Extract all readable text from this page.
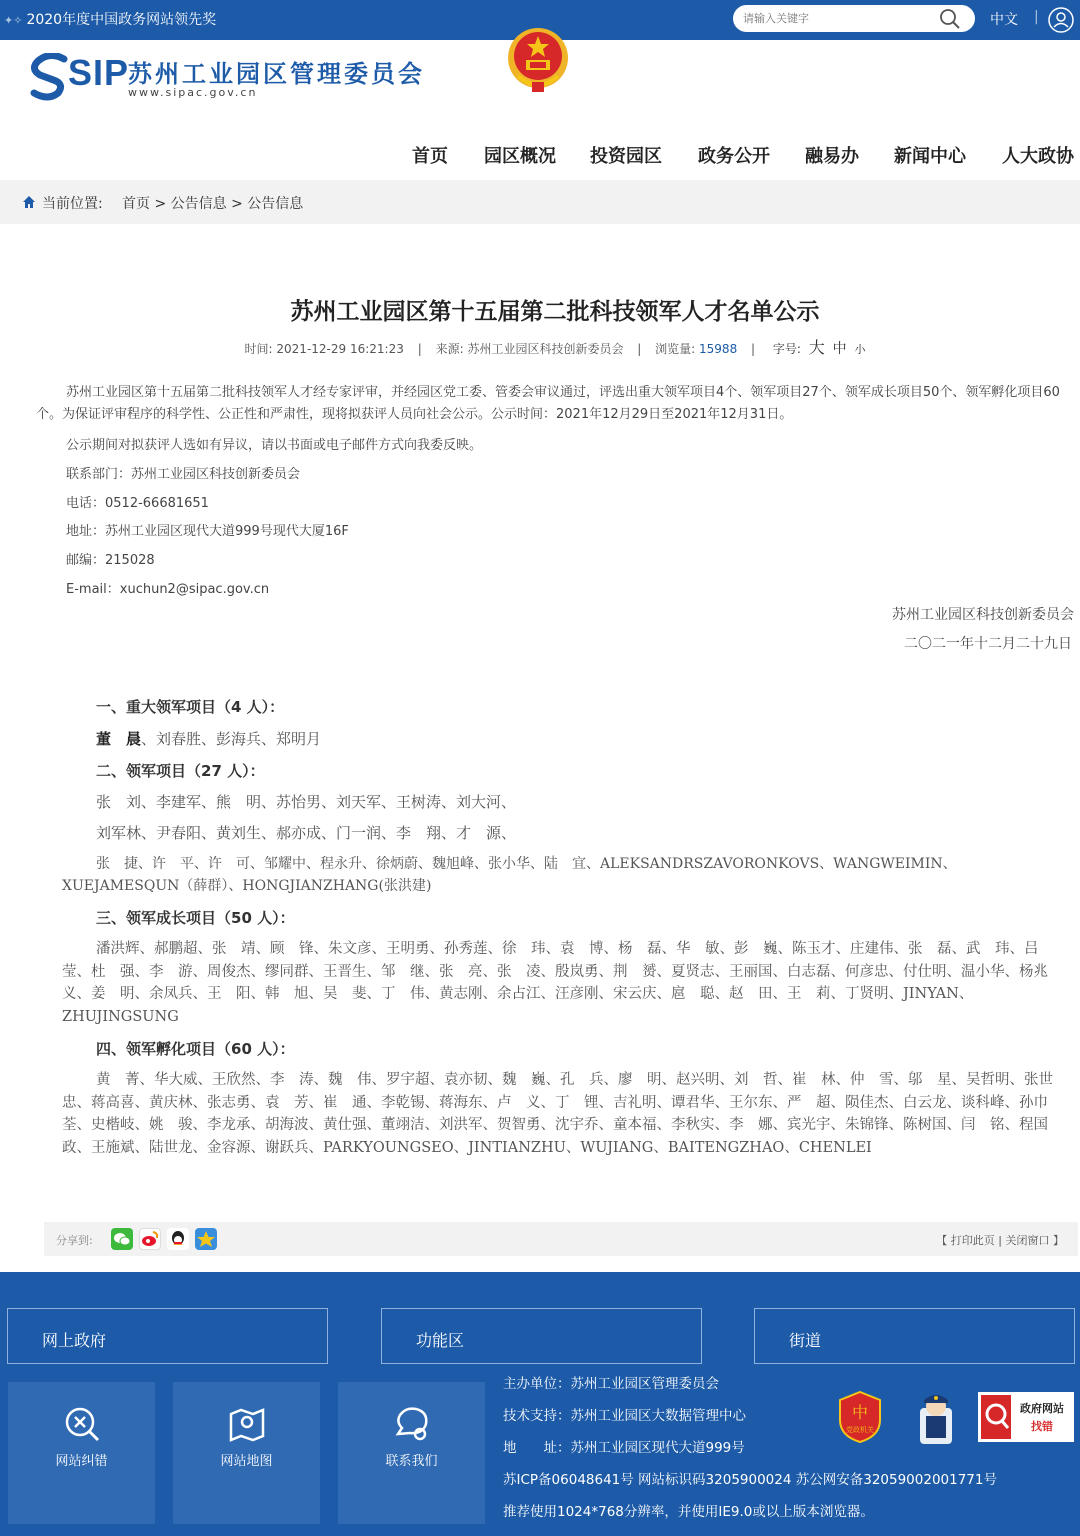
✦✧ 2020年度中国政务网站领先奖
请输入关键字	中文 |
SIP
苏州工业园区管理委员会
www.sipac.gov.cn
首页 园区概况 投资园区 政务公开 融易办 新闻中心 人大政协
当前位置: 首页 > 公告信息 > 公告信息
苏州工业园区第十五届第二批科技领军人才名单公示
时间: 2021-12-29 16:21:23 | 来源: 苏州工业园区科技创新委员会 | 浏览量: 15988 | 字号: 大 中 小

苏州工业园区第十五届第二批科技领军人才经专家评审，并经园区党工委、管委会审议通过，评选出重大领军项目4个、领军项目27个、领军成长项目50个、领军孵化项目60个。为保证评审程序的科学性、公正性和严肃性，现将拟获评人员向社会公示。公示时间：2021年12月29日至2021年12月31日。

公示期间对拟获评人选如有异议，请以书面或电子邮件方式向我委反映。

联系部门：苏州工业园区科技创新委员会

电话：0512-66681651

地址：苏州工业园区现代大道999号现代大厦16F

邮编：215028

E-mail：xuchun2@sipac.gov.cn

苏州工业园区科技创新委员会

二〇二一年十二月二十九日

一、重大领军项目（4 人）：

董　晨、刘春胜、彭海兵、郑明月

二、领军项目（27 人）：

张　刘、李建军、熊　明、苏怡男、刘天军、王树涛、刘大河、

刘军林、尹春阳、黄刘生、郝亦成、门一润、李　翔、才　源、

张　捷、许　平、许　可、邹耀中、程永升、徐炳蔚、魏旭峰、张小华、陆　宜、ALEKSANDRSZAVORONKOVS、WANGWEIMIN、XUEJAMESQUN（薛群）、HONGJIANZHANG(张洪建)

三、领军成长项目（50 人）：

潘洪辉、郝鹏超、张　靖、顾　锋、朱文彦、王明勇、孙秀莲、徐　玮、袁　博、杨　磊、华　敏、彭　巍、陈玉才、庄建伟、张　磊、武　玮、吕　莹、杜　强、李　游、周俊杰、缪同群、王晋生、邹　继、张　亮、张　凌、殷岚勇、荆　赟、夏贤志、王丽国、白志磊、何彦忠、付仕明、温小华、杨兆义、姜　明、余凤兵、王　阳、韩　旭、吴　斐、丁　伟、黄志刚、余占江、汪彦刚、宋云庆、扈　聪、赵　田、王　莉、丁贤明、JINYAN、ZHUJINGSUNG

四、领军孵化项目（60 人）：

黄　菁、华大威、王欣然、李　涛、魏　伟、罗宇超、袁亦韧、魏　巍、孔　兵、廖　明、赵兴明、刘　哲、崔　林、仲　雪、邬　星、吴哲明、张世忠、蒋高喜、黄庆林、张志勇、袁　芳、崔　通、李乾锡、蒋海东、卢　义、丁　锂、吉礼明、谭君华、王尔东、严　超、陨佳杰、白云龙、谈科峰、孙巾荃、史楷岐、姚　骏、李龙承、胡海波、黄仕强、董翊洁、刘洪军、贺智勇、沈宇乔、童本福、李秋实、李　娜、宾光宇、朱锦锋、陈树国、闫　铭、程国政、王施斌、陆世龙、金容源、谢跃兵、PARKYOUNGSEO、JINTIANZHU、WUJIANG、BAITENGZHAO、CHENLEI

分享到:	【 打印此页 | 关闭窗口 】
网上政府	功能区	街道
网站纠错	网站地图	联系我们

主办单位：苏州工业园区管理委员会

技术支持：苏州工业园区大数据管理中心

地　　址：苏州工业园区现代大道999号

苏ICP备06048641号 网站标识码3205900024 苏公网安备32059002001771号

推荐使用1024*768分辨率，并使用IE9.0或以上版本浏览器。

中
党政机关
政府网站
找错
